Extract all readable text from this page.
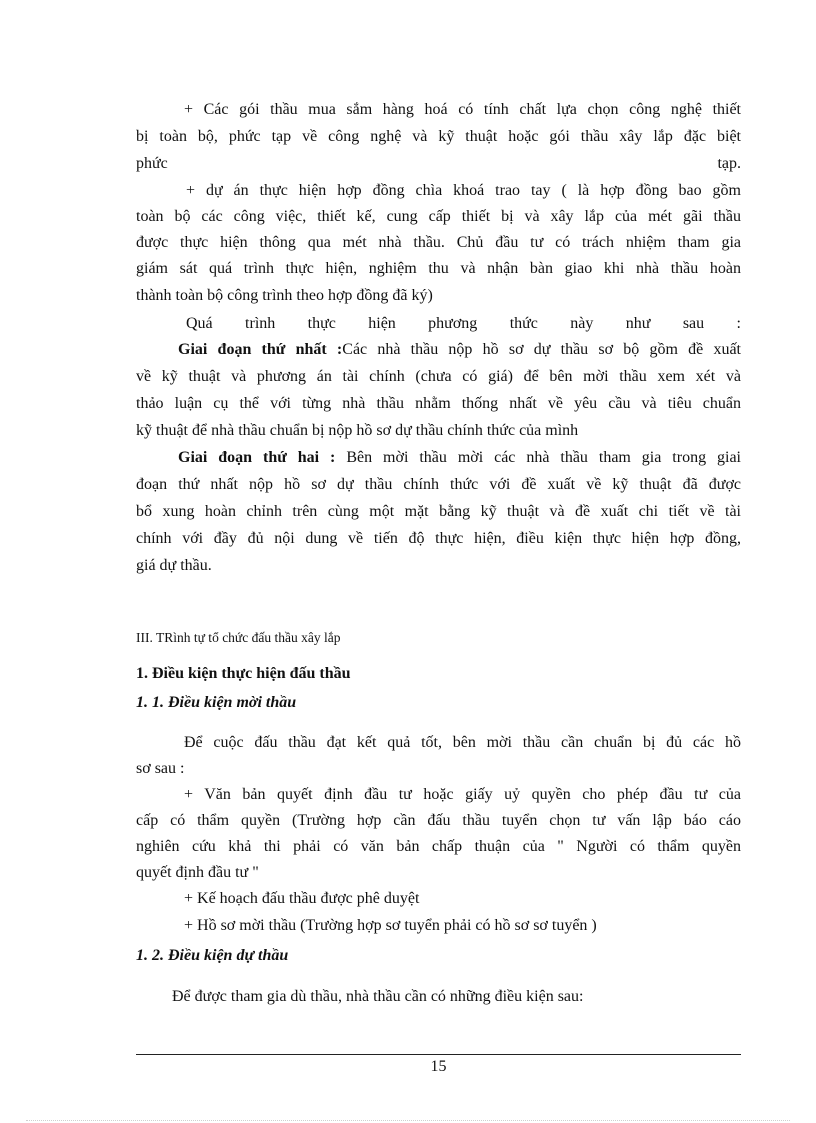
+ Các gói thầu mua sắm hàng hoá có tính chất lựa chọn công nghệ thiết
bị toàn bộ, phức tạp về công nghệ và kỹ thuật hoặc gói thầu xây lắp đặc biệt
phức	tạp.
+ dự án thực hiện hợp đồng chìa khoá trao tay ( là hợp đồng bao gồm
toàn bộ các công việc, thiết kế, cung cấp thiết bị và xây lắp của mét gãi thầu
được thực hiện thông qua mét nhà thầu. Chủ đầu tư có trách nhiệm tham gia
giám sát quá trình thực hiện, nghiệm thu và nhận bàn giao khi nhà thầu hoàn
thành toàn bộ công trình theo hợp đồng đã ký)
Quá trình thực hiện phương thức này như sau :
Giai đoạn thứ nhất :Các nhà thầu nộp hồ sơ dự thầu sơ bộ gồm đề xuất
về kỹ thuật và phương án tài chính (chưa có giá) để bên mời thầu xem xét và
thảo luận cụ thể với từng nhà thầu nhằm thống nhất về yêu cầu và tiêu chuẩn
kỹ thuật để nhà thầu chuẩn bị nộp hồ sơ dự thầu chính thức của mình
Giai đoạn thứ hai : Bên mời thầu mời các nhà thầu tham gia trong giai
đoạn thứ nhất nộp hồ sơ dự thầu chính thức với đề xuất về kỹ thuật đã được
bổ xung hoàn chỉnh trên cùng một mặt bằng kỹ thuật và đề xuất chi tiết về tài
chính với đầy đủ nội dung về tiến độ thực hiện, điều kiện thực hiện hợp đồng,
giá dự thầu.
III. TRình tự tổ chức đấu thầu xây lắp
1. Điều kiện thực hiện đấu thầu
1. 1. Điều kiện mời thầu
Để cuộc đấu thầu đạt kết quả tốt, bên mời thầu cần chuẩn bị đủ các hồ
sơ sau :
+ Văn bản quyết định đầu tư hoặc giấy uỷ quyền cho phép đầu tư của
cấp có thẩm quyền (Trường hợp cần đấu thầu tuyển chọn tư vấn lập báo cáo
nghiên cứu khả thi phải có văn bản chấp thuận của " Người có thẩm quyền
quyết định đầu tư "
+ Kế hoạch đấu thầu được phê duyệt
+ Hồ sơ mời thầu (Trường hợp sơ tuyển phải có hồ sơ sơ tuyển )
1. 2. Điều kiện dự thầu
Để được tham gia dù thầu, nhà thầu cần có những điều kiện sau:
15
